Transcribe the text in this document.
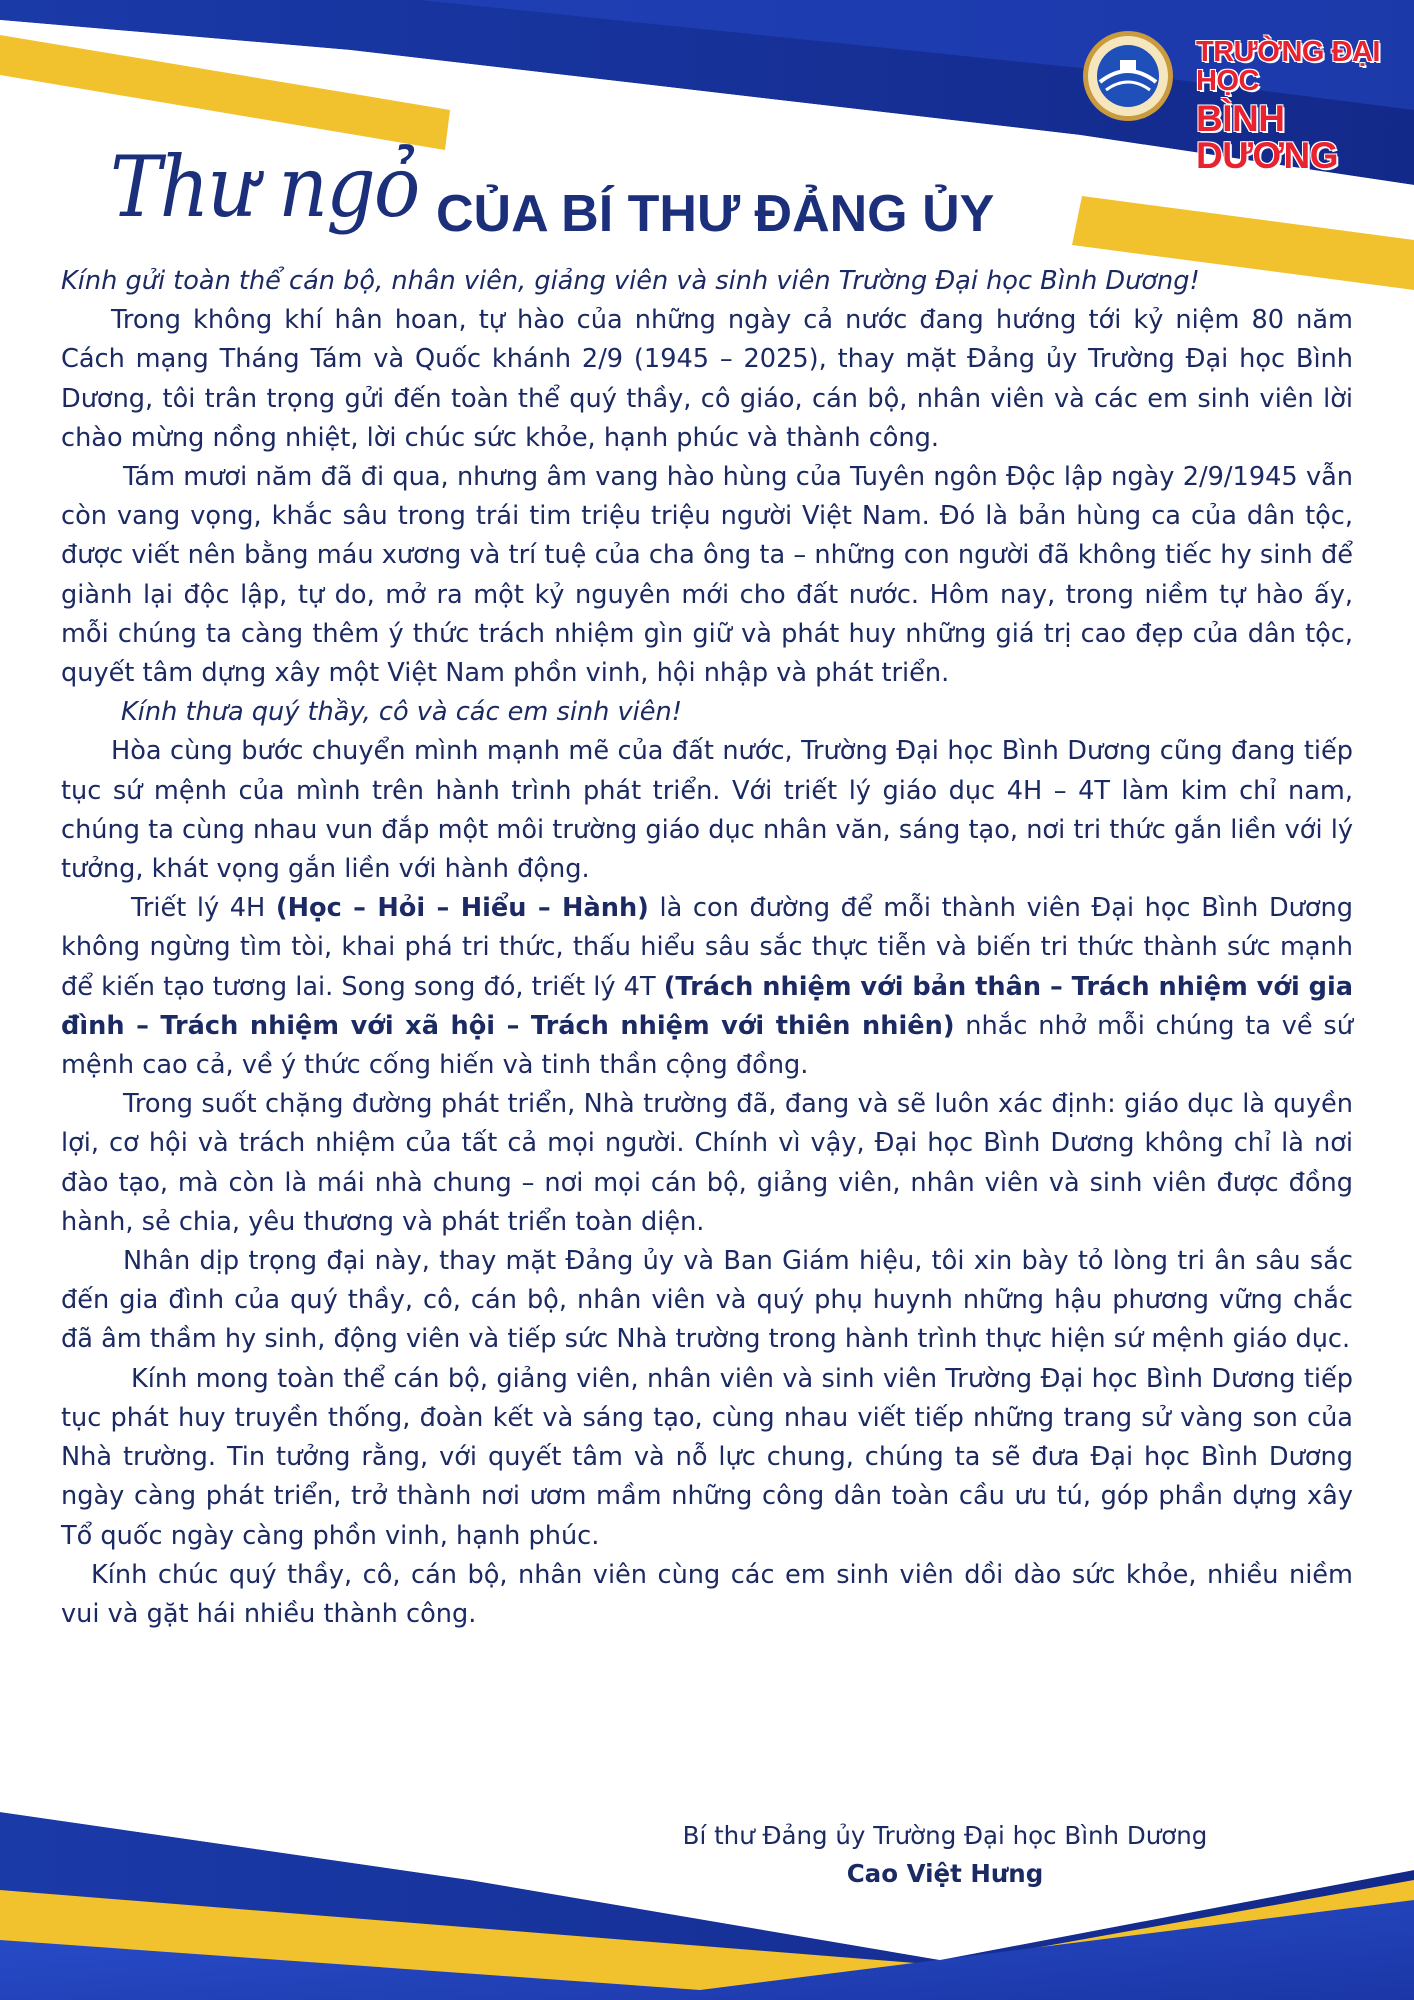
TRƯỜNG ĐẠI HỌC
BÌNH DƯƠNG
Thư ngỏ CỦA BÍ THƯ ĐẢNG ỦY

Kính gửi toàn thể cán bộ, nhân viên, giảng viên và sinh viên Trường Đại học Bình Dương!

Trong không khí hân hoan, tự hào của những ngày cả nước đang hướng tới kỷ niệm 80 năm Cách mạng Tháng Tám và Quốc khánh 2/9 (1945 – 2025), thay mặt Đảng ủy Trường Đại học Bình Dương, tôi trân trọng gửi đến toàn thể quý thầy, cô giáo, cán bộ, nhân viên và các em sinh viên lời chào mừng nồng nhiệt, lời chúc sức khỏe, hạnh phúc và thành công.

Tám mươi năm đã đi qua, nhưng âm vang hào hùng của Tuyên ngôn Độc lập ngày 2/9/1945 vẫn còn vang vọng, khắc sâu trong trái tim triệu triệu người Việt Nam. Đó là bản hùng ca của dân tộc, được viết nên bằng máu xương và trí tuệ của cha ông ta – những con người đã không tiếc hy sinh để giành lại độc lập, tự do, mở ra một kỷ nguyên mới cho đất nước. Hôm nay, trong niềm tự hào ấy, mỗi chúng ta càng thêm ý thức trách nhiệm gìn giữ và phát huy những giá trị cao đẹp của dân tộc, quyết tâm dựng xây một Việt Nam phồn vinh, hội nhập và phát triển.

Kính thưa quý thầy, cô và các em sinh viên!

Hòa cùng bước chuyển mình mạnh mẽ của đất nước, Trường Đại học Bình Dương cũng đang tiếp tục sứ mệnh của mình trên hành trình phát triển. Với triết lý giáo dục 4H – 4T làm kim chỉ nam, chúng ta cùng nhau vun đắp một môi trường giáo dục nhân văn, sáng tạo, nơi tri thức gắn liền với lý tưởng, khát vọng gắn liền với hành động.

Triết lý 4H (Học – Hỏi – Hiểu – Hành) là con đường để mỗi thành viên Đại học Bình Dương không ngừng tìm tòi, khai phá tri thức, thấu hiểu sâu sắc thực tiễn và biến tri thức thành sức mạnh để kiến tạo tương lai. Song song đó, triết lý 4T (Trách nhiệm với bản thân – Trách nhiệm với gia đình – Trách nhiệm với xã hội – Trách nhiệm với thiên nhiên) nhắc nhở mỗi chúng ta về sứ mệnh cao cả, về ý thức cống hiến và tinh thần cộng đồng.

Trong suốt chặng đường phát triển, Nhà trường đã, đang và sẽ luôn xác định: giáo dục là quyền lợi, cơ hội và trách nhiệm của tất cả mọi người. Chính vì vậy, Đại học Bình Dương không chỉ là nơi đào tạo, mà còn là mái nhà chung – nơi mọi cán bộ, giảng viên, nhân viên và sinh viên được đồng hành, sẻ chia, yêu thương và phát triển toàn diện.

Nhân dịp trọng đại này, thay mặt Đảng ủy và Ban Giám hiệu, tôi xin bày tỏ lòng tri ân sâu sắc đến gia đình của quý thầy, cô, cán bộ, nhân viên và quý phụ huynh những hậu phương vững chắc đã âm thầm hy sinh, động viên và tiếp sức Nhà trường trong hành trình thực hiện sứ mệnh giáo dục.

Kính mong toàn thể cán bộ, giảng viên, nhân viên và sinh viên Trường Đại học Bình Dương tiếp tục phát huy truyền thống, đoàn kết và sáng tạo, cùng nhau viết tiếp những trang sử vàng son của Nhà trường. Tin tưởng rằng, với quyết tâm và nỗ lực chung, chúng ta sẽ đưa Đại học Bình Dương ngày càng phát triển, trở thành nơi ươm mầm những công dân toàn cầu ưu tú, góp phần dựng xây Tổ quốc ngày càng phồn vinh, hạnh phúc.

Kính chúc quý thầy, cô, cán bộ, nhân viên cùng các em sinh viên dồi dào sức khỏe, nhiều niềm vui và gặt hái nhiều thành công.

Bí thư Đảng ủy Trường Đại học Bình Dương
Cao Việt Hưng
